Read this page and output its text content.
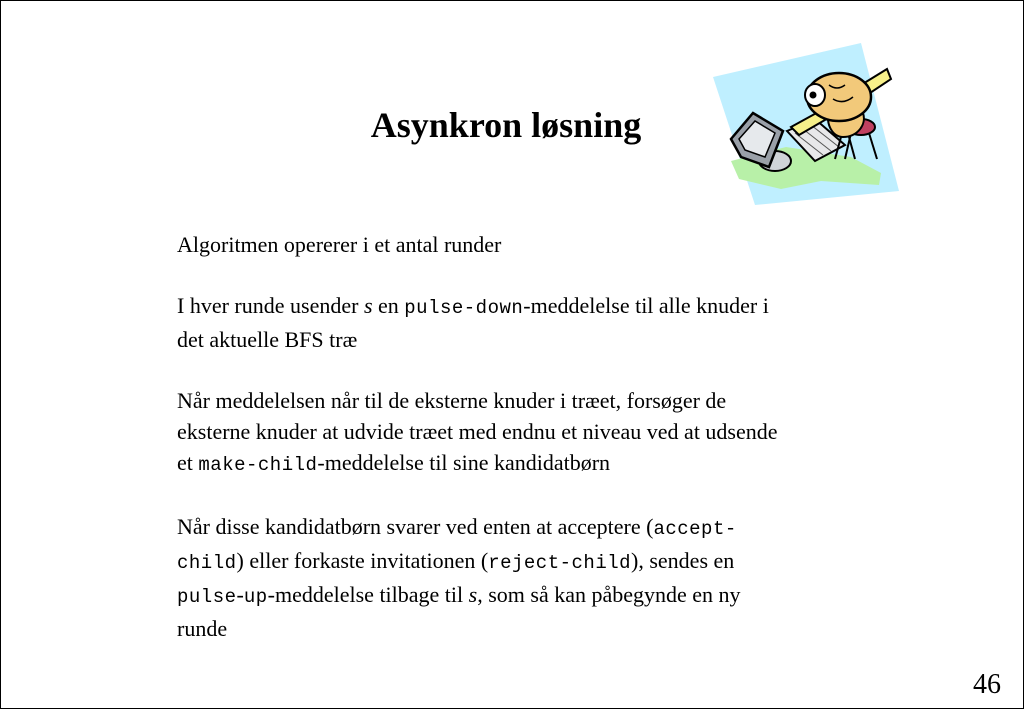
Asynkron løsning

Algoritmen opererer i et antal runder

I hver runde usender s en pulse-down-meddelelse til alle knuder i
det aktuelle BFS træ

Når meddelelsen når til de eksterne knuder i træet, forsøger de
eksterne knuder at udvide træet med endnu et niveau ved at udsende
et make-child-meddelelse til sine kandidatbørn

Når disse kandidatbørn svarer ved enten at acceptere (accept-
child) eller forkaste invitationen (reject-child), sendes en
pulse-up-meddelelse tilbage til s, som så kan påbegynde en ny
runde

46
